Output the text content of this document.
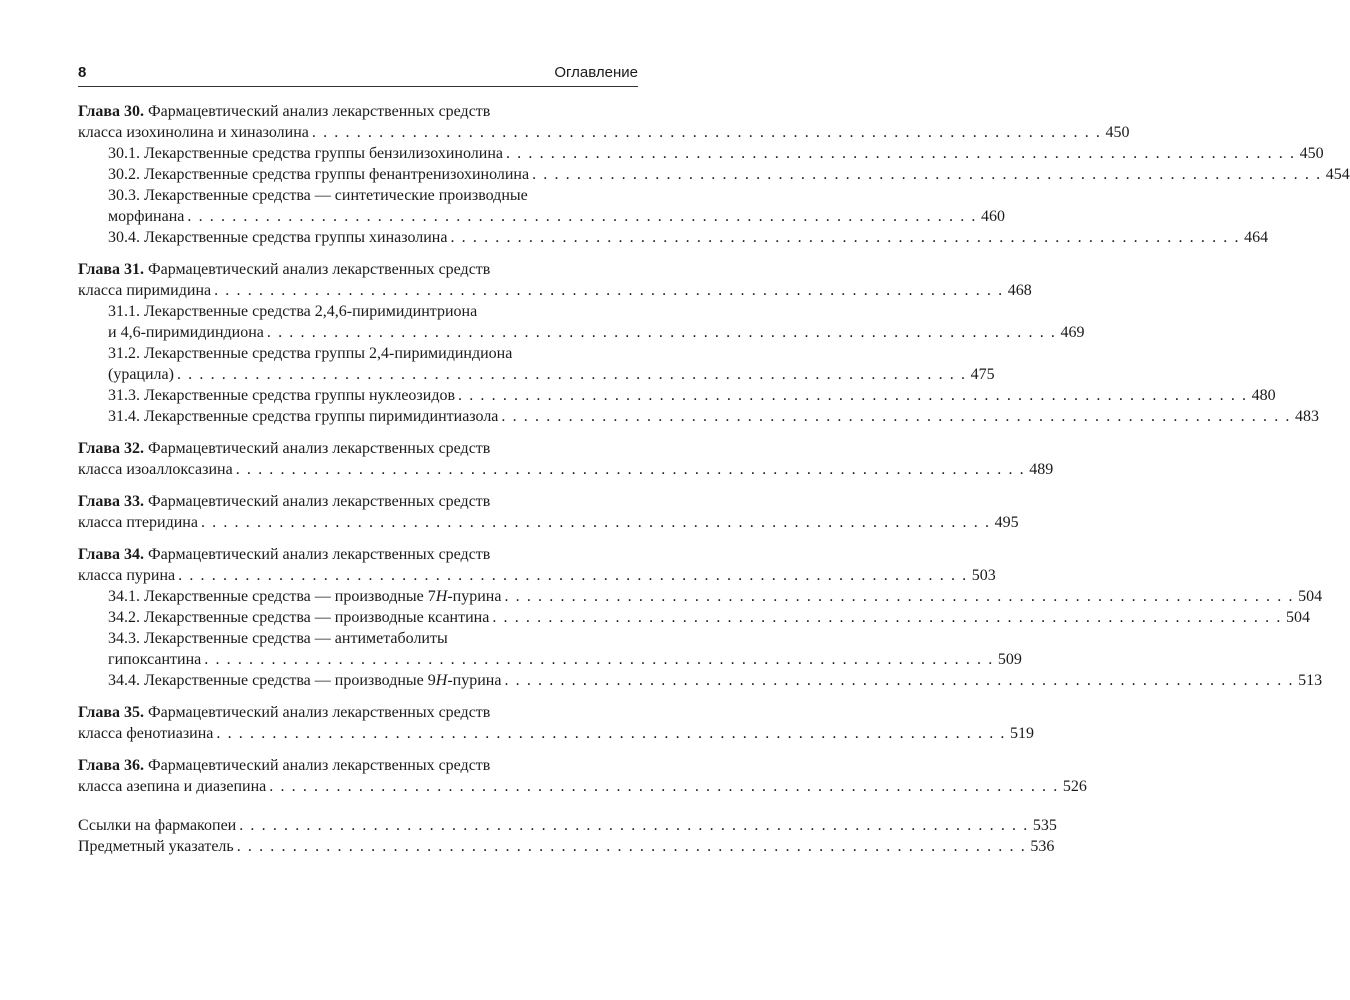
8	Оглавление
Глава 30. Фармацевтический анализ лекарственных средств
класса изохинолина и хиназолина . . . . . . . . . . . . . . . . . . . . . . . . . . . . . . . . . . . . . . . . . . . . . . . . . . . . . . . . . . . . . . . . . . . . . . . 450
30.1. Лекарственные средства группы бензилизохинолина . . . . . . . . . . . . . . . . . . . . . . . . . . . . . . . . . . . . . . . . . . . . . . . . . . . . . . . . . . . . . . . . . . . . . . . 450
30.2. Лекарственные средства группы фенантренизохинолина . . . . . . . . . . . . . . . . . . . . . . . . . . . . . . . . . . . . . . . . . . . . . . . . . . . . . . . . . . . . . . . . . . . . . . . 454
30.3. Лекарственные средства — синтетические производные
морфинана . . . . . . . . . . . . . . . . . . . . . . . . . . . . . . . . . . . . . . . . . . . . . . . . . . . . . . . . . . . . . . . . . . . . . . . 460
30.4. Лекарственные средства группы хиназолина . . . . . . . . . . . . . . . . . . . . . . . . . . . . . . . . . . . . . . . . . . . . . . . . . . . . . . . . . . . . . . . . . . . . . . . 464
Глава 31. Фармацевтический анализ лекарственных средств
класса пиримидина . . . . . . . . . . . . . . . . . . . . . . . . . . . . . . . . . . . . . . . . . . . . . . . . . . . . . . . . . . . . . . . . . . . . . . . 468
31.1. Лекарственные средства 2,4,6-пиримидинтриона
и 4,6-пиримидиндиона . . . . . . . . . . . . . . . . . . . . . . . . . . . . . . . . . . . . . . . . . . . . . . . . . . . . . . . . . . . . . . . . . . . . . . . 469
31.2. Лекарственные средства группы 2,4-пиримидиндиона
(урацила) . . . . . . . . . . . . . . . . . . . . . . . . . . . . . . . . . . . . . . . . . . . . . . . . . . . . . . . . . . . . . . . . . . . . . . . 475
31.3. Лекарственные средства группы нуклеозидов . . . . . . . . . . . . . . . . . . . . . . . . . . . . . . . . . . . . . . . . . . . . . . . . . . . . . . . . . . . . . . . . . . . . . . . 480
31.4. Лекарственные средства группы пиримидинтиазола . . . . . . . . . . . . . . . . . . . . . . . . . . . . . . . . . . . . . . . . . . . . . . . . . . . . . . . . . . . . . . . . . . . . . . . 483
Глава 32. Фармацевтический анализ лекарственных средств
класса изоаллоксазина . . . . . . . . . . . . . . . . . . . . . . . . . . . . . . . . . . . . . . . . . . . . . . . . . . . . . . . . . . . . . . . . . . . . . . . 489
Глава 33. Фармацевтический анализ лекарственных средств
класса птеридина . . . . . . . . . . . . . . . . . . . . . . . . . . . . . . . . . . . . . . . . . . . . . . . . . . . . . . . . . . . . . . . . . . . . . . . 495
Глава 34. Фармацевтический анализ лекарственных средств
класса пурина . . . . . . . . . . . . . . . . . . . . . . . . . . . . . . . . . . . . . . . . . . . . . . . . . . . . . . . . . . . . . . . . . . . . . . . 503
34.1. Лекарственные средства — производные 7H-пурина . . . . . . . . . . . . . . . . . . . . . . . . . . . . . . . . . . . . . . . . . . . . . . . . . . . . . . . . . . . . . . . . . . . . . . . 504
34.2. Лекарственные средства — производные ксантина . . . . . . . . . . . . . . . . . . . . . . . . . . . . . . . . . . . . . . . . . . . . . . . . . . . . . . . . . . . . . . . . . . . . . . . 504
34.3. Лекарственные средства — антиметаболиты
гипоксантина . . . . . . . . . . . . . . . . . . . . . . . . . . . . . . . . . . . . . . . . . . . . . . . . . . . . . . . . . . . . . . . . . . . . . . . 509
34.4. Лекарственные средства — производные 9H-пурина . . . . . . . . . . . . . . . . . . . . . . . . . . . . . . . . . . . . . . . . . . . . . . . . . . . . . . . . . . . . . . . . . . . . . . . 513
Глава 35. Фармацевтический анализ лекарственных средств
класса фенотиазина . . . . . . . . . . . . . . . . . . . . . . . . . . . . . . . . . . . . . . . . . . . . . . . . . . . . . . . . . . . . . . . . . . . . . . . 519
Глава 36. Фармацевтический анализ лекарственных средств
класса азепина и диазепина . . . . . . . . . . . . . . . . . . . . . . . . . . . . . . . . . . . . . . . . . . . . . . . . . . . . . . . . . . . . . . . . . . . . . . . 526
Ссылки на фармакопеи . . . . . . . . . . . . . . . . . . . . . . . . . . . . . . . . . . . . . . . . . . . . . . . . . . . . . . . . . . . . . . . . . . . . . . . 535
Предметный указатель . . . . . . . . . . . . . . . . . . . . . . . . . . . . . . . . . . . . . . . . . . . . . . . . . . . . . . . . . . . . . . . . . . . . . . . 536
